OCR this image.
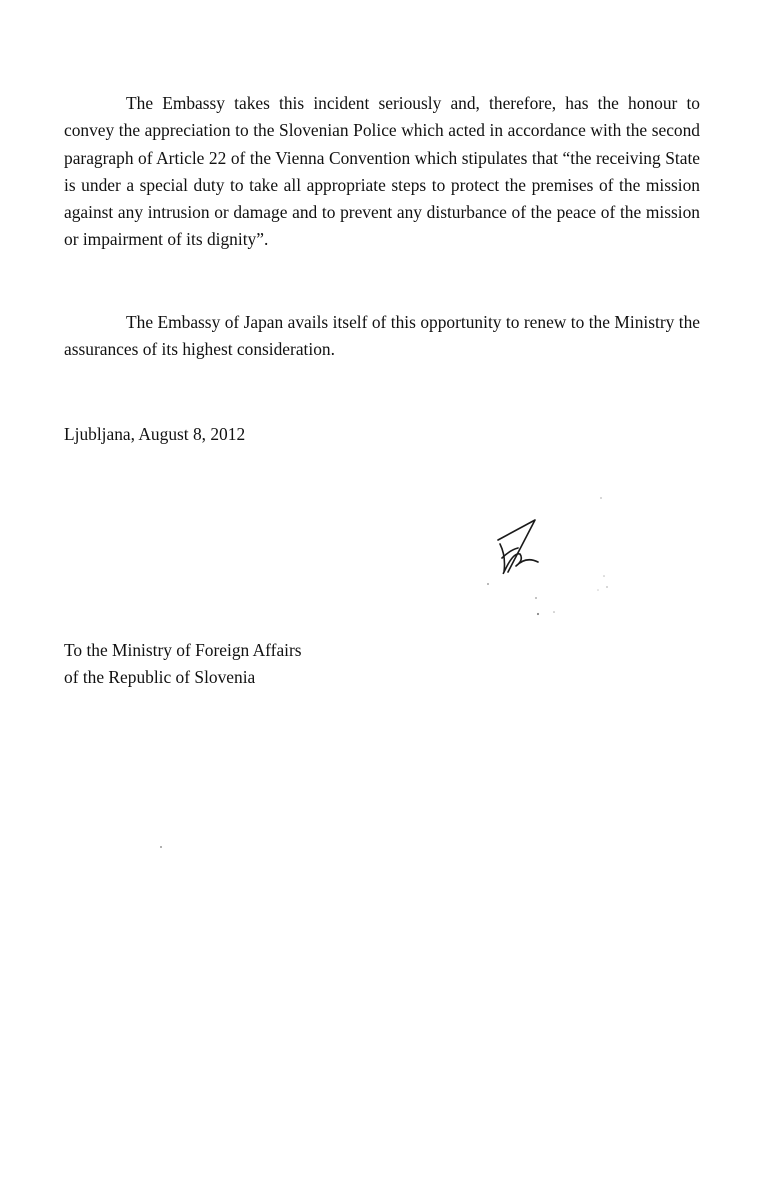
The Embassy takes this incident seriously and, therefore, has the honour to convey the appreciation to the Slovenian Police which acted in accordance with the second paragraph of Article 22 of the Vienna Convention which stipulates that “the receiving State is under a special duty to take all appropriate steps to protect the premises of the mission against any intrusion or damage and to prevent any disturbance of the peace of the mission or impairment of its dignity”.

The Embassy of Japan avails itself of this opportunity to renew to the Ministry the assurances of its highest consideration.

Ljubljana, August 8, 2012

To the Ministry of Foreign Affairs
of the Republic of Slovenia
